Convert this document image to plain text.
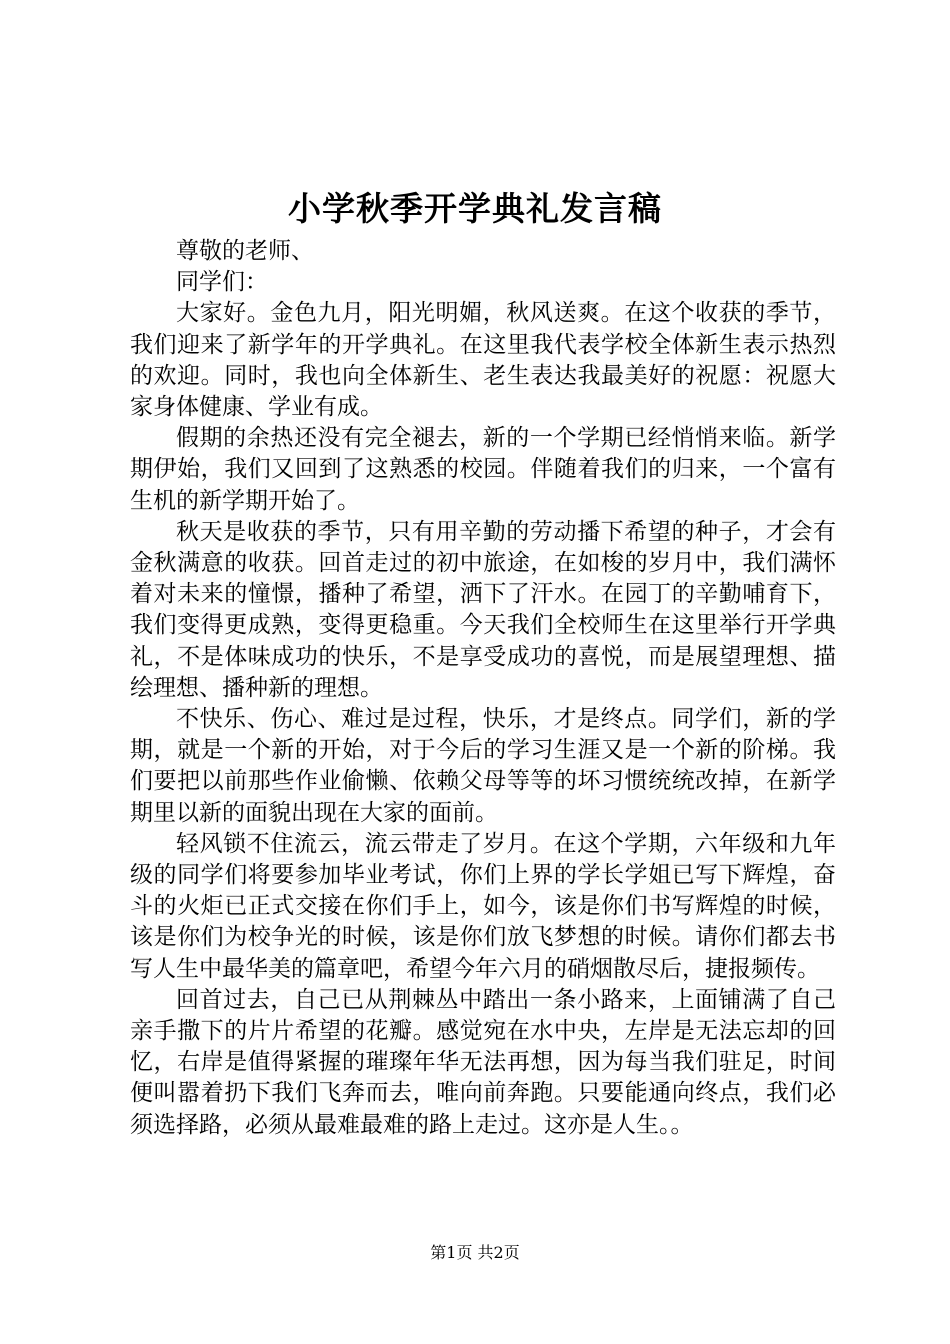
小学秋季开学典礼发言稿

尊敬的老师、

同学们：

大家好。金色九月，阳光明媚，秋风送爽。在这个收获的季节，我们迎来了新学年的开学典礼。在这里我代表学校全体新生表示热烈的欢迎。同时，我也向全体新生、老生表达我最美好的祝愿：祝愿大家身体健康、学业有成。

假期的余热还没有完全褪去，新的一个学期已经悄悄来临。新学期伊始，我们又回到了这熟悉的校园。伴随着我们的归来，一个富有生机的新学期开始了。

秋天是收获的季节，只有用辛勤的劳动播下希望的种子，才会有金秋满意的收获。回首走过的初中旅途，在如梭的岁月中，我们满怀着对未来的憧憬，播种了希望，洒下了汗水。在园丁的辛勤哺育下，我们变得更成熟，变得更稳重。今天我们全校师生在这里举行开学典礼，不是体味成功的快乐，不是享受成功的喜悦，而是展望理想、描绘理想、播种新的理想。

不快乐、伤心、难过是过程，快乐，才是终点。同学们，新的学期，就是一个新的开始，对于今后的学习生涯又是一个新的阶梯。我们要把以前那些作业偷懒、依赖父母等等的坏习惯统统改掉，在新学期里以新的面貌出现在大家的面前。

轻风锁不住流云，流云带走了岁月。在这个学期，六年级和九年级的同学们将要参加毕业考试，你们上界的学长学姐已写下辉煌，奋斗的火炬已正式交接在你们手上，如今，该是你们书写辉煌的时候，该是你们为校争光的时候，该是你们放飞梦想的时候。请你们都去书写人生中最华美的篇章吧，希望今年六月的硝烟散尽后，捷报频传。

回首过去，自己已从荆棘丛中踏出一条小路来，上面铺满了自己亲手撒下的片片希望的花瓣。感觉宛在水中央，左岸是无法忘却的回忆，右岸是值得紧握的璀璨年华无法再想，因为每当我们驻足，时间便叫嚣着扔下我们飞奔而去，唯向前奔跑。只要能通向终点，我们必须选择路，必须从最难最难的路上走过。这亦是人生。。

第1页 共2页
